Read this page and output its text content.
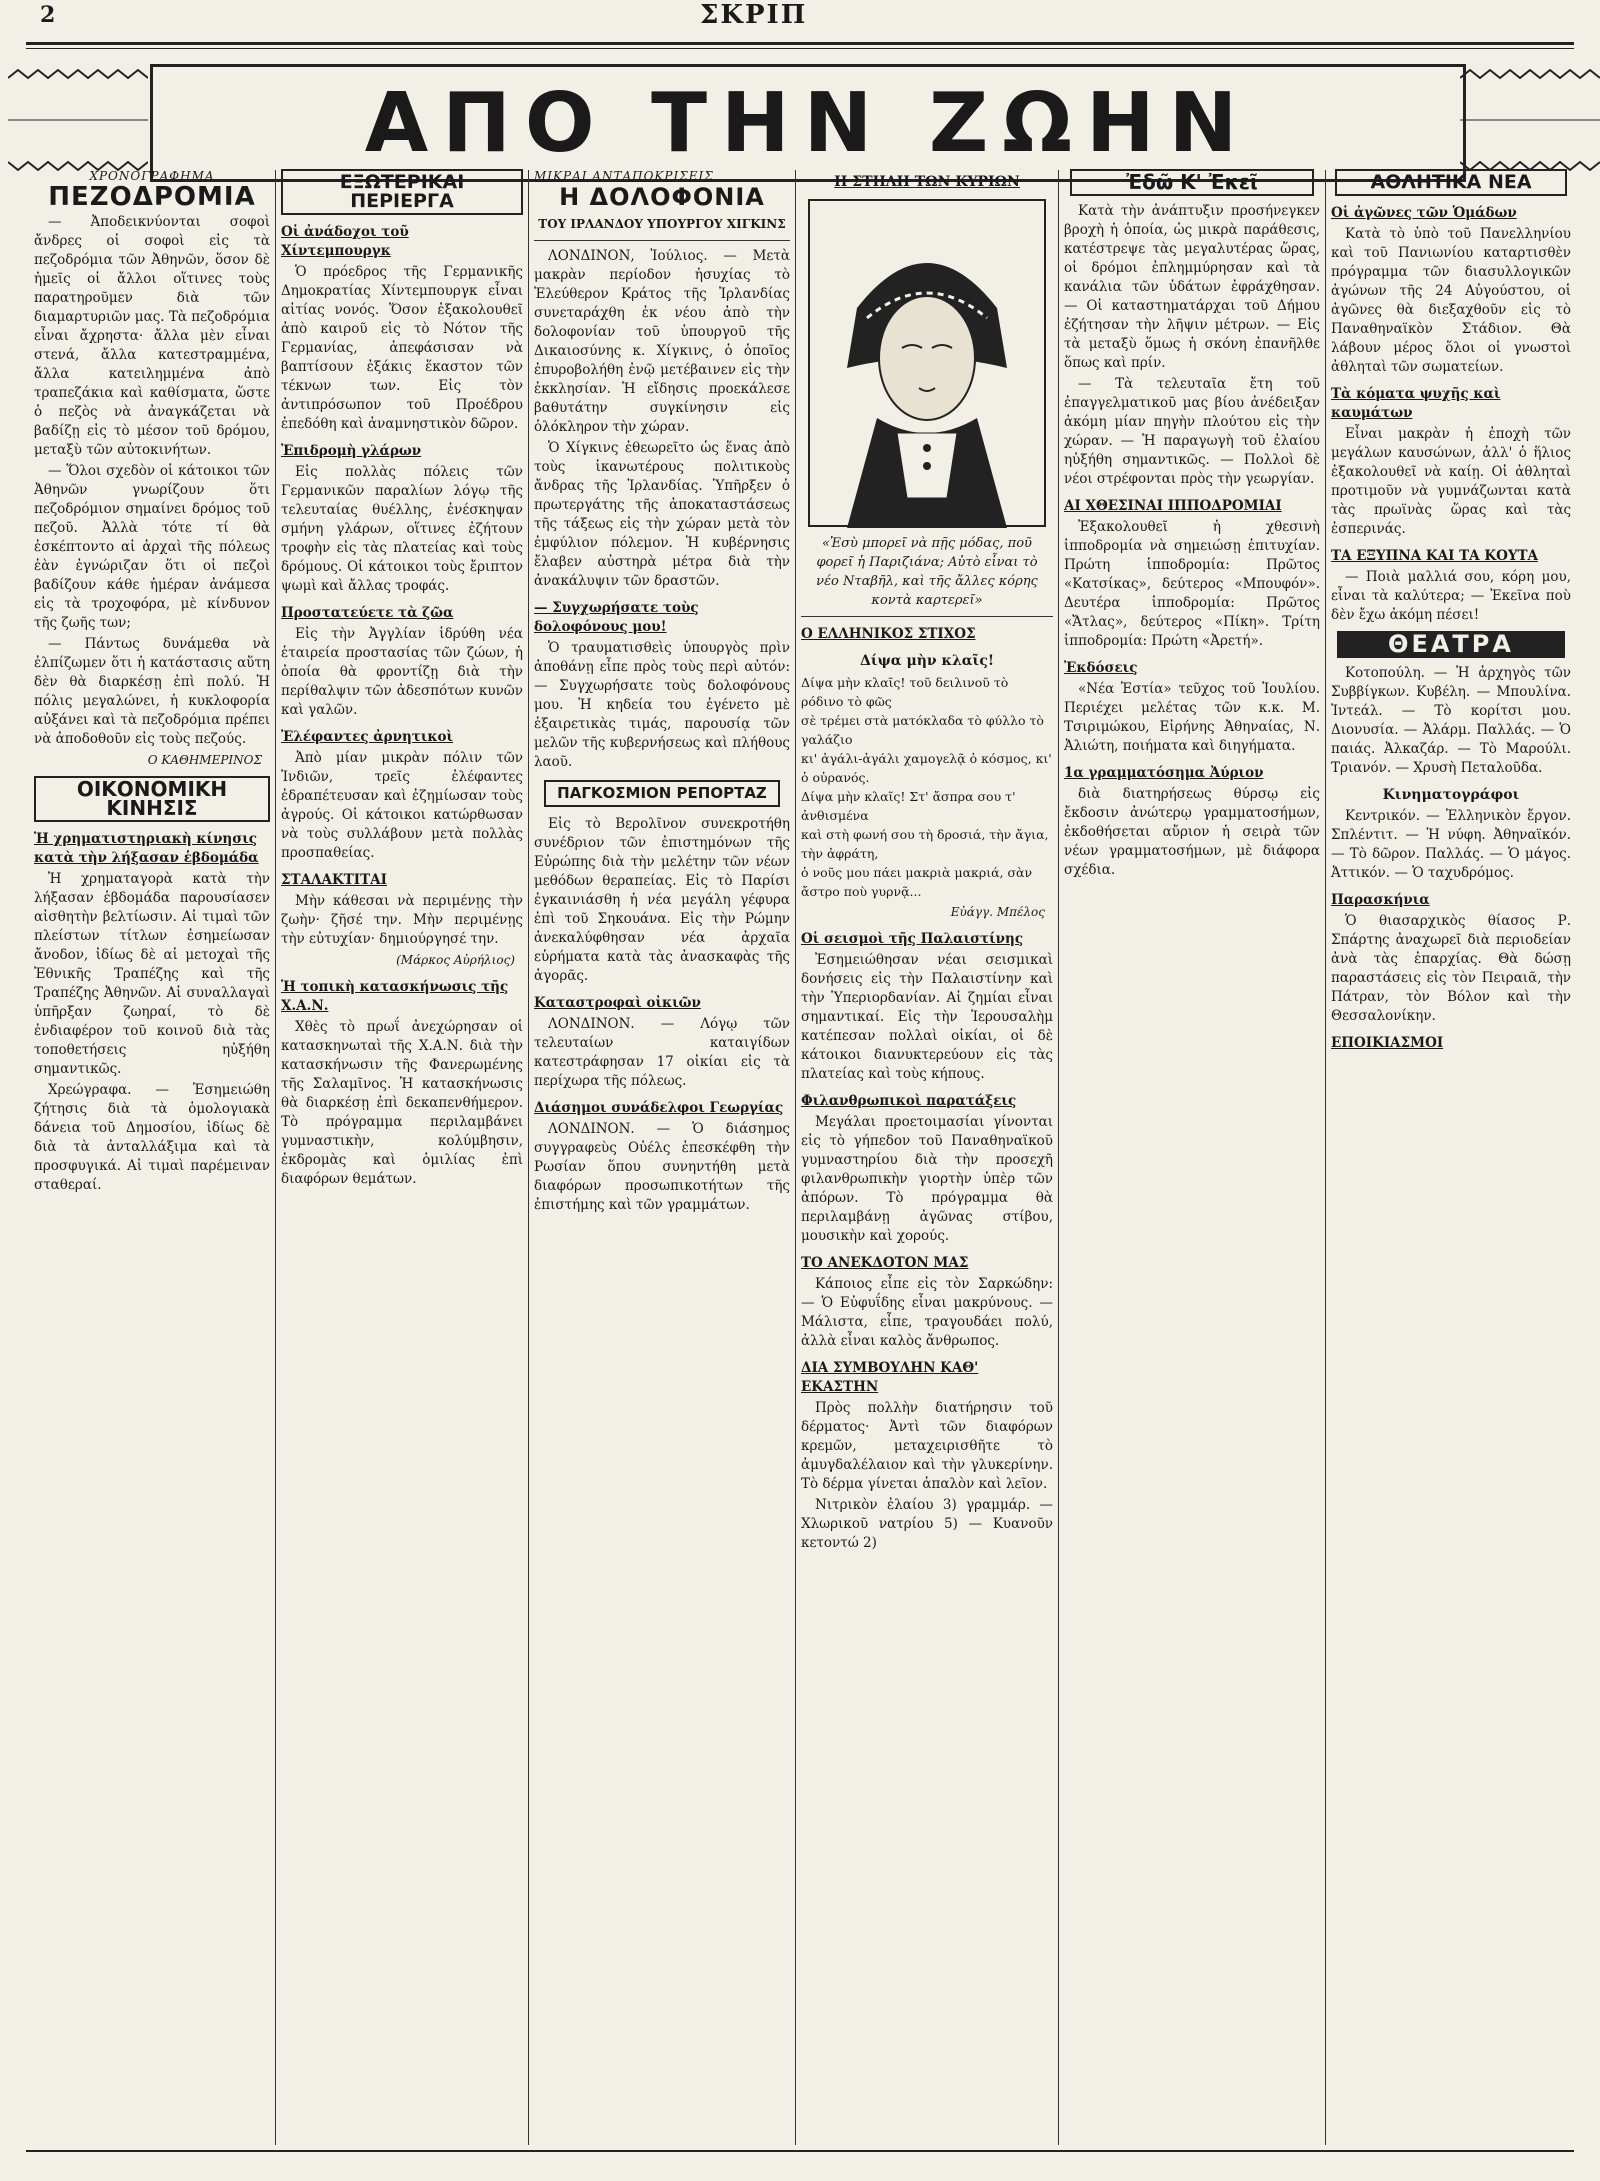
2	ΣΚΡΙΠ
ΑΠΟ ΤΗΝ ΖΩΗΝ
ΧΡΟΝΟΓΡΑΦΗΜΑ
ΠΕΖΟΔΡΟΜΙΑ

— Ἀποδεικνύονται σοφοὶ ἄνδρες οἱ σοφοὶ εἰς τὰ πεζοδρόμια τῶν Ἀθηνῶν, ὅσον δὲ ἡμεῖς οἱ ἄλλοι οἵτινες τοὺς παρατηροῦμεν διὰ τῶν διαμαρτυριῶν μας. Τὰ πεζοδρόμια εἶναι ἄχρηστα· ἄλλα μὲν εἶναι στενά, ἄλλα κατεστραμμένα, ἄλλα κατειλημμένα ἀπὸ τραπεζάκια καὶ καθίσματα, ὥστε ὁ πεζὸς νὰ ἀναγκάζεται νὰ βαδίζῃ εἰς τὸ μέσον τοῦ δρόμου, μεταξὺ τῶν αὐτοκινήτων.

— Ὅλοι σχεδὸν οἱ κάτοικοι τῶν Ἀθηνῶν γνωρίζουν ὅτι πεζοδρόμιον σημαίνει δρόμος τοῦ πεζοῦ. Ἀλλὰ τότε τί θὰ ἐσκέπτοντο αἱ ἀρχαὶ τῆς πόλεως ἐὰν ἐγνώριζαν ὅτι οἱ πεζοὶ βαδίζουν κάθε ἡμέραν ἀνάμεσα εἰς τὰ τροχοφόρα, μὲ κίνδυνον τῆς ζωῆς των;

— Πάντως δυνάμεθα νὰ ἐλπίζωμεν ὅτι ἡ κατάστασις αὕτη δὲν θὰ διαρκέσῃ ἐπὶ πολύ. Ἡ πόλις μεγαλώνει, ἡ κυκλοφορία αὐξάνει καὶ τὰ πεζοδρόμια πρέπει νὰ ἀποδοθοῦν εἰς τοὺς πεζούς.

Ο ΚΑΘΗΜΕΡΙΝΟΣ
ΟΙΚΟΝΟΜΙΚΗ ΚΙΝΗΣΙΣ
Ἡ χρηματιστηριακὴ κίνησις κατὰ τὴν λήξασαν ἑβδομάδα

Ἡ χρηματαγορὰ κατὰ τὴν λήξασαν ἑβδομάδα παρουσίασεν αἰσθητὴν βελτίωσιν. Αἱ τιμαὶ τῶν πλείστων τίτλων ἐσημείωσαν ἄνοδον, ἰδίως δὲ αἱ μετοχαὶ τῆς Ἐθνικῆς Τραπέζης καὶ τῆς Τραπέζης Ἀθηνῶν. Αἱ συναλλαγαὶ ὑπῆρξαν ζωηραί, τὸ δὲ ἐνδιαφέρον τοῦ κοινοῦ διὰ τὰς τοποθετήσεις ηὐξήθη σημαντικῶς.

Χρεώγραφα. — Ἐσημειώθη ζήτησις διὰ τὰ ὁμολογιακὰ δάνεια τοῦ Δημοσίου, ἰδίως δὲ διὰ τὰ ἀνταλλάξιμα καὶ τὰ προσφυγικά. Αἱ τιμαὶ παρέμειναν σταθεραί.

ΕΞΩΤΕΡΙΚΑΙ ΠΕΡΙΕΡΓΑ
Οἱ ἀνάδοχοι τοῦ Χίντεμπουργκ

Ὁ πρόεδρος τῆς Γερμανικῆς Δημοκρατίας Χίντεμπουργκ εἶναι αἰτίας νονός. Ὅσον ἐξακολουθεῖ ἀπὸ καιροῦ εἰς τὸ Νότον τῆς Γερμανίας, ἀπεφάσισαν νὰ βαπτίσουν ἐξάκις ἕκαστον τῶν τέκνων των. Εἰς τὸν ἀντιπρόσωπον τοῦ Προέδρου ἐπεδόθη καὶ ἀναμνηστικὸν δῶρον.

Ἐπιδρομὴ γλάρων

Εἰς πολλὰς πόλεις τῶν Γερμανικῶν παραλίων λόγῳ τῆς τελευταίας θυέλλης, ἐνέσκηψαν σμήνη γλάρων, οἵτινες ἐζήτουν τροφὴν εἰς τὰς πλατείας καὶ τοὺς δρόμους. Οἱ κάτοικοι τοὺς ἔριπτον ψωμὶ καὶ ἄλλας τροφάς.

Προστατεύετε τὰ ζῶα

Εἰς τὴν Ἀγγλίαν ἱδρύθη νέα ἑταιρεία προστασίας τῶν ζώων, ἡ ὁποία θὰ φροντίζῃ διὰ τὴν περίθαλψιν τῶν ἀδεσπότων κυνῶν καὶ γαλῶν.

Ἐλέφαντες ἀρνητικοὶ

Ἀπὸ μίαν μικρὰν πόλιν τῶν Ἰνδιῶν, τρεῖς ἐλέφαντες ἐδραπέτευσαν καὶ ἐζημίωσαν τοὺς ἀγρούς. Οἱ κάτοικοι κατώρθωσαν νὰ τοὺς συλλάβουν μετὰ πολλὰς προσπαθείας.

ΣΤΑΛΑΚΤΙΤΑΙ

Μὴν κάθεσαι νὰ περιμένῃς τὴν ζωὴν· ζῆσέ την. Μὴν περιμένῃς τὴν εὐτυχίαν· δημιούργησέ την.

(Μάρκος Αὐρήλιος)
Ἡ τοπικὴ κατασκήνωσις τῆς Χ.Α.Ν.

Χθὲς τὸ πρωΐ ἀνεχώρησαν οἱ κατασκηνωταὶ τῆς Χ.Α.Ν. διὰ τὴν κατασκήνωσιν τῆς Φανερωμένης τῆς Σαλαμῖνος. Ἡ κατασκήνωσις θὰ διαρκέσῃ ἐπὶ δεκαπενθήμερον. Τὸ πρόγραμμα περιλαμβάνει γυμναστικὴν, κολύμβησιν, ἐκδρομὰς καὶ ὁμιλίας ἐπὶ διαφόρων θεμάτων.

ΜΙΚΡΑΙ ΑΝΤΑΠΟΚΡΙΣΕΙΣ
Η ΔΟΛΟΦΟΝΙΑ
ΤΟΥ ΙΡΛΑΝΔΟΥ ΥΠΟΥΡΓΟΥ ΧΙΓΚΙΝΣ

ΛΟΝΔΙΝΟΝ, Ἰούλιος. — Μετὰ μακρὰν περίοδον ἡσυχίας τὸ Ἐλεύθερον Κράτος τῆς Ἰρλανδίας συνεταράχθη ἐκ νέου ἀπὸ τὴν δολοφονίαν τοῦ ὑπουργοῦ τῆς Δικαιοσύνης κ. Χίγκινς, ὁ ὁποῖος ἐπυροβολήθη ἐνῷ μετέβαινεν εἰς τὴν ἐκκλησίαν. Ἡ εἴδησις προεκάλεσε βαθυτάτην συγκίνησιν εἰς ὁλόκληρον τὴν χώραν.

Ὁ Χίγκινς ἐθεωρεῖτο ὡς ἕνας ἀπὸ τοὺς ἱκανωτέρους πολιτικοὺς ἄνδρας τῆς Ἰρλανδίας. Ὑπῆρξεν ὁ πρωτεργάτης τῆς ἀποκαταστάσεως τῆς τάξεως εἰς τὴν χώραν μετὰ τὸν ἐμφύλιον πόλεμον. Ἡ κυβέρνησις ἔλαβεν αὐστηρὰ μέτρα διὰ τὴν ἀνακάλυψιν τῶν δραστῶν.

— Συγχωρήσατε τοὺς δολοφόνους μου!

Ὁ τραυματισθεὶς ὑπουργὸς πρὶν ἀποθάνῃ εἶπε πρὸς τοὺς περὶ αὐτόν: — Συγχωρήσατε τοὺς δολοφόνους μου. Ἡ κηδεία του ἐγένετο μὲ ἐξαιρετικὰς τιμάς, παρουσίᾳ τῶν μελῶν τῆς κυβερνήσεως καὶ πλήθους λαοῦ.

ΠΑΓΚΟΣΜΙΟΝ ΡΕΠΟΡΤΑΖ

Εἰς τὸ Βερολῖνον συνεκροτήθη συνέδριον τῶν ἐπιστημόνων τῆς Εὐρώπης διὰ τὴν μελέτην τῶν νέων μεθόδων θεραπείας. Εἰς τὸ Παρίσι ἐγκαινιάσθη ἡ νέα μεγάλη γέφυρα ἐπὶ τοῦ Σηκουάνα. Εἰς τὴν Ρώμην ἀνεκαλύφθησαν νέα ἀρχαῖα εὑρήματα κατὰ τὰς ἀνασκαφὰς τῆς ἀγορᾶς.

Καταστροφαὶ οἰκιῶν

ΛΟΝΔΙΝΟΝ. — Λόγῳ τῶν τελευταίων καταιγίδων κατεστράφησαν 17 οἰκίαι εἰς τὰ περίχωρα τῆς πόλεως.

Διάσημοι συνάδελφοι Γεωργίας

ΛΟΝΔΙΝΟΝ. — Ὁ διάσημος συγγραφεὺς Οὐέλς ἐπεσκέφθη τὴν Ρωσίαν ὅπου συνηντήθη μετὰ διαφόρων προσωπικοτήτων τῆς ἐπιστήμης καὶ τῶν γραμμάτων.

Η ΣΤΗΛΗ ΤΩΝ ΚΥΡΙΩΝ
«Ἐσὺ μπορεῖ νὰ πῇς μόδας, ποῦ φορεῖ ἡ Παριζιάνα; Αὐτὸ εἶναι τὸ νέο Νταβῆλ, καὶ τῆς ἄλλες κόρης κοντὰ καρτερεῖ»
Ο ΕΛΛΗΝΙΚΟΣ ΣΤΙΧΟΣ
Δίψα μὴν κλαῖς!
Δίψα μὴν κλαῖς! τοῦ δειλινοῦ τὸ ρόδινο τὸ φῶς
σὲ τρέμει στὰ ματόκλαδα τὸ φύλλο τὸ γαλάζιο
κι' ἀγάλι-ἀγάλι χαμογελᾷ ὁ κόσμος, κι' ὁ οὐρανός.
Δίψα μὴν κλαῖς! Στ' ἄσπρα σου τ' ἀνθισμένα
καὶ στὴ φωνή σου τὴ δροσιά, τὴν ἄγια, τὴν ἀφράτη,
ὁ νοῦς μου πάει μακριὰ μακριά, σὰν ἄστρο ποὺ γυρνᾷ...
Εὐάγγ. Μπέλος
Οἱ σεισμοὶ τῆς Παλαιστίνης

Ἐσημειώθησαν νέαι σεισμικαὶ δονήσεις εἰς τὴν Παλαιστίνην καὶ τὴν Ὑπεριορδανίαν. Αἱ ζημίαι εἶναι σημαντικαί. Εἰς τὴν Ἱερουσαλὴμ κατέπεσαν πολλαὶ οἰκίαι, οἱ δὲ κάτοικοι διανυκτερεύουν εἰς τὰς πλατείας καὶ τοὺς κήπους.

Φιλανθρωπικοὶ παρατάξεις

Μεγάλαι προετοιμασίαι γίνονται εἰς τὸ γήπεδον τοῦ Παναθηναϊκοῦ γυμναστηρίου διὰ τὴν προσεχῆ φιλανθρωπικὴν γιορτὴν ὑπὲρ τῶν ἀπόρων. Τὸ πρόγραμμα θὰ περιλαμβάνῃ ἀγῶνας στίβου, μουσικὴν καὶ χορούς.

ΤΟ ΑΝΕΚΔΟΤΟΝ ΜΑΣ

Κάποιος εἶπε εἰς τὸν Σαρκώδην: — Ὁ Εὐφυΐδης εἶναι μακρύνους. — Μάλιστα, εἶπε, τραγουδάει πολύ, ἀλλὰ εἶναι καλὸς ἄνθρωπος.

ΔΙΑ ΣΥΜΒΟΥΛΗΝ ΚΑΘ' ΕΚΑΣΤΗΝ

Πρὸς πολλὴν διατήρησιν τοῦ δέρματος· Ἀντὶ τῶν διαφόρων κρεμῶν, μεταχειρισθῆτε τὸ ἀμυγδαλέλαιον καὶ τὴν γλυκερίνην. Τὸ δέρμα γίνεται ἁπαλὸν καὶ λεῖον.

Νιτρικὸν ἐλαίου 3) γραμμάρ. — Χλωρικοῦ νατρίου 5) — Κυανοῦν κετοντώ 2)

Ἐδῶ Κ' Ἐκεῖ

Κατὰ τὴν ἀνάπτυξιν προσήνεγκεν βροχὴ ἡ ὁποία, ὡς μικρὰ παράθεσις, κατέστρεψε τὰς μεγαλυτέρας ὥρας, οἱ δρόμοι ἐπλημμύρησαν καὶ τὰ κανάλια τῶν ὑδάτων ἐφράχθησαν. — Οἱ καταστηματάρχαι τοῦ Δήμου ἐζήτησαν τὴν λῆψιν μέτρων. — Εἰς τὰ μεταξὺ ὅμως ἡ σκόνη ἐπανῆλθε ὅπως καὶ πρίν.

— Τὰ τελευταῖα ἔτη τοῦ ἐπαγγελματικοῦ μας βίου ἀνέδειξαν ἀκόμη μίαν πηγὴν πλούτου εἰς τὴν χώραν. — Ἡ παραγωγὴ τοῦ ἐλαίου ηὐξήθη σημαντικῶς. — Πολλοὶ δὲ νέοι στρέφονται πρὸς τὴν γεωργίαν.

ΑΙ ΧΘΕΣΙΝΑΙ ΙΠΠΟΔΡΟΜΙΑΙ

Ἐξακολουθεῖ ἡ χθεσινὴ ἱπποδρομία νὰ σημειώσῃ ἐπιτυχίαν. Πρώτη ἱπποδρομία: Πρῶτος «Κατσίκας», δεύτερος «Μπουφόν». Δευτέρα ἱπποδρομία: Πρῶτος «Ἄτλας», δεύτερος «Πίκη». Τρίτη ἱπποδρομία: Πρώτη «Ἀρετή».

Ἐκδόσεις

«Νέα Ἑστία» τεῦχος τοῦ Ἰουλίου. Περιέχει μελέτας τῶν κ.κ. Μ. Τσιριμώκου, Εἰρήνης Ἀθηναίας, Ν. Ἀλιώτη, ποιήματα καὶ διηγήματα.

1α γραμματόσημα Ἀύριον

διὰ διατηρήσεως θύρσῳ εἰς ἔκδοσιν ἀνώτερῳ γραμματοσήμων, ἐκδοθήσεται αὔριον ἡ σειρὰ τῶν νέων γραμματοσήμων, μὲ διάφορα σχέδια.

ΑΘΛΗΤΙΚΑ ΝΕΑ
Οἱ ἀγῶνες τῶν Ὁμάδων

Κατὰ τὸ ὑπὸ τοῦ Πανελληνίου καὶ τοῦ Πανιωνίου καταρτισθὲν πρόγραμμα τῶν διασυλλογικῶν ἀγώνων τῆς 24 Αὐγούστου, οἱ ἀγῶνες θὰ διεξαχθοῦν εἰς τὸ Παναθηναϊκὸν Στάδιον. Θὰ λάβουν μέρος ὅλοι οἱ γνωστοὶ ἀθληταὶ τῶν σωματείων.

Τὰ κόματα ψυχῆς καὶ καυμάτων

Εἶναι μακρὰν ἡ ἐποχὴ τῶν μεγάλων καυσώνων, ἀλλ' ὁ ἥλιος ἐξακολουθεῖ νὰ καίῃ. Οἱ ἀθληταὶ προτιμοῦν νὰ γυμνάζωνται κατὰ τὰς πρωϊνὰς ὥρας καὶ τὰς ἑσπερινάς.

ΤΑ ΕΞΥΠΝΑ ΚΑΙ ΤΑ ΚΟΥΤΑ

— Ποιὰ μαλλιά σου, κόρη μου, εἶναι τὰ καλύτερα; — Ἐκεῖνα ποὺ δὲν ἔχω ἀκόμη πέσει!

ΘΕΑΤΡΑ

Κοτοπούλη. — Ἡ ἀρχηγὸς τῶν Συββίγκων. Κυβέλη. — Μπουλίνα. Ἰντεάλ. — Τὸ κορίτσι μου. Διονυσία. — Ἀλάρμ. Παλλάς. — Ὁ παιάς. Ἀλκαζάρ. — Τὸ Μαρούλι. Τριανόν. — Χρυσὴ Πεταλοῦδα.

Κινηματογράφοι

Κεντρικόν. — Ἐλληνικὸν ἔργον. Σπλέντιτ. — Ἡ νύφη. Ἀθηναϊκόν. — Τὸ δῶρον. Παλλάς. — Ὁ μάγος. Ἀττικόν. — Ὁ ταχυδρόμος.

Παρασκήνια

Ὁ θιασαρχικὸς θίασος Ρ. Σπάρτης ἀναχωρεῖ διὰ περιοδείαν ἀνὰ τὰς ἐπαρχίας. Θὰ δώσῃ παραστάσεις εἰς τὸν Πειραιᾶ, τὴν Πάτραν, τὸν Βόλον καὶ τὴν Θεσσαλονίκην.

ΕΠΟΙΚΙΑΣΜΟΙ
